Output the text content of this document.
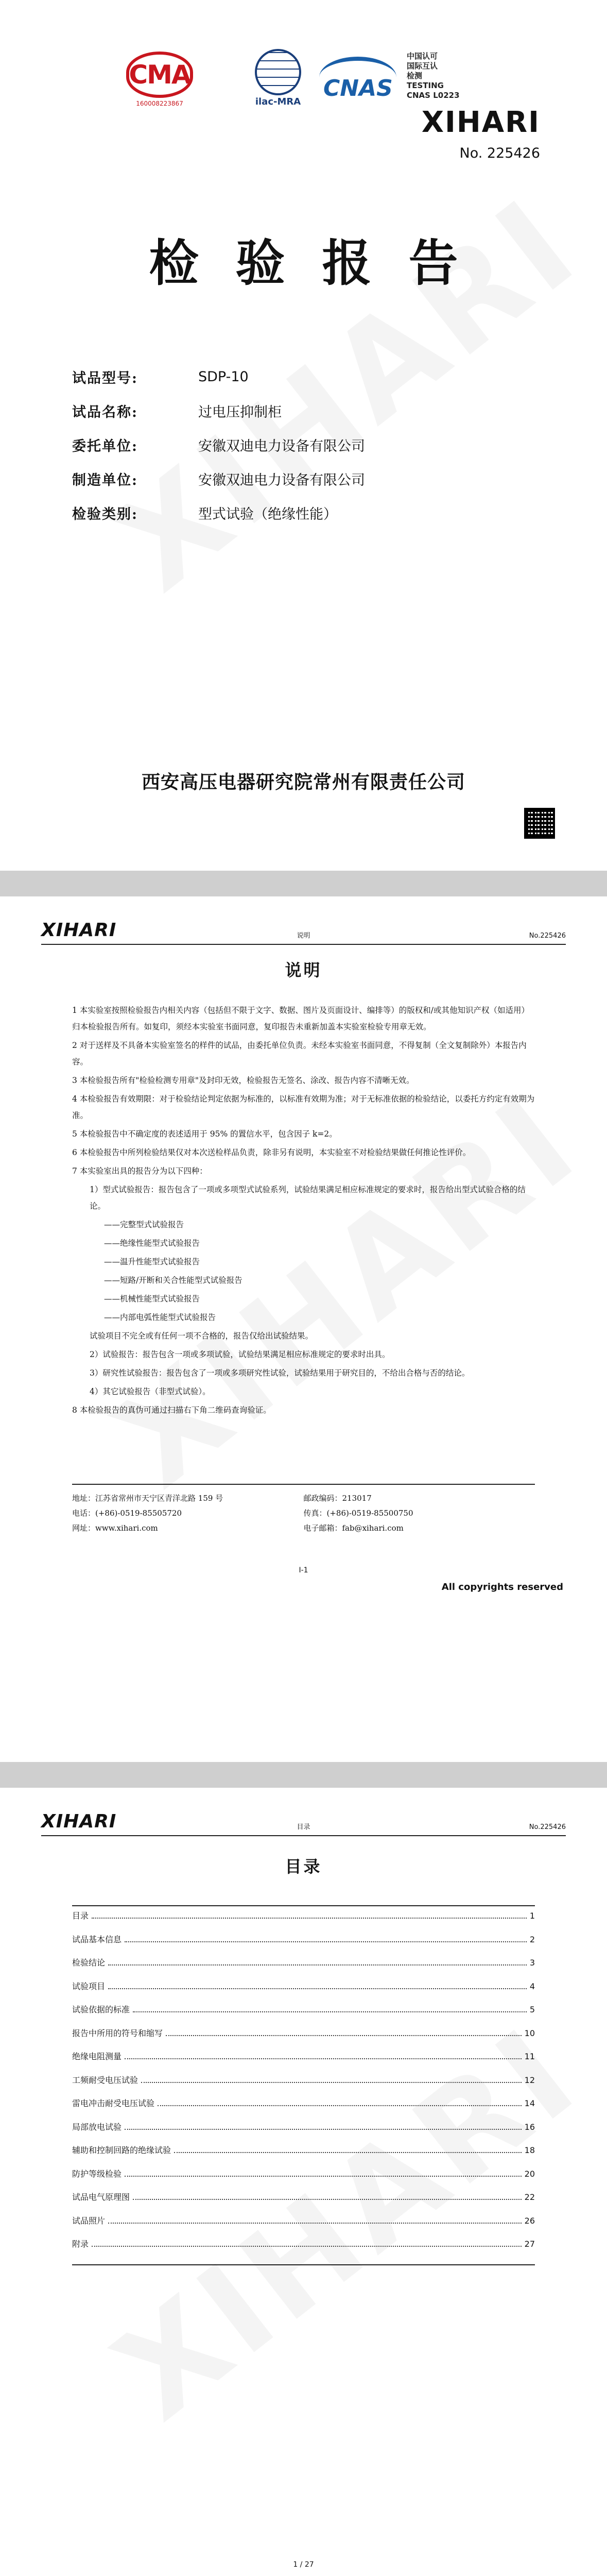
CMA
160008223867	ilac-MRA
CNAS
中国认可
国际互认
检测
TESTING
CNAS L0223
XIHARI
No. 225426
检验报告
试品型号:	SDP-10
试品名称:	过电压抑制柜
委托单位:	安徽双迪电力设备有限公司
制造单位:	安徽双迪电力设备有限公司
检验类别:	型式试验（绝缘性能）
西安高压电器研究院常州有限责任公司
XIHARI	说明	No.225426
说明

1 本实验室按照检验报告内相关内容（包括但不限于文字、数据、图片及页面设计、编排等）的版权和/或其他知识产权（如适用）归本检验报告所有。如复印，须经本实验室书面同意，复印报告未重新加盖本实验室检验专用章无效。

2 对于送样及不具备本实验室签名的样件的试品，由委托单位负责。未经本实验室书面同意，不得复制（全文复制除外）本报告内容。

3 本检验报告所有"检验检测专用章"及封印无效，检验报告无签名、涂改、报告内容不清晰无效。

4 本检验报告有效期限：对于检验结论判定依据为标准的，以标准有效期为准；对于无标准依据的检验结论，以委托方约定有效期为准。

5 本检验报告中不确定度的表述适用于 95% 的置信水平，包含因子 k=2。

6 本检验报告中所列检验结果仅对本次送检样品负责，除非另有说明，本实验室不对检验结果做任何推论性评价。

7 本实验室出具的报告分为以下四种：

1）型式试验报告：报告包含了一项或多项型式试验系列，试验结果满足相应标准规定的要求时，报告给出型式试验合格的结论。

——完整型式试验报告

——绝缘性能型式试验报告

——温升性能型式试验报告

——短路/开断和关合性能型式试验报告

——机械性能型式试验报告

——内部电弧性能型式试验报告

试验项目不完全或有任何一项不合格的，报告仅给出试验结果。

2）试验报告：报告包含一项或多项试验，试验结果满足相应标准规定的要求时出具。

3）研究性试验报告：报告包含了一项或多项研究性试验，试验结果用于研究目的，不给出合格与否的结论。

4）其它试验报告（非型式试验）。

8 本检验报告的真伪可通过扫描右下角二维码查询验证。

地址：江苏省常州市天宁区青洋北路 159 号	邮政编码：213017
电话：(+86)-0519-85505720	传真：(+86)-0519-85500750
网址：www.xihari.com	电子邮箱：fab@xihari.com
I-1
All copyrights reserved
XIHARI	目录	No.225426
目录
目录	1
试品基本信息	2
检验结论	3
试验项目	4
试验依据的标准	5
报告中所用的符号和缩写	10
绝缘电阻测量	11
工频耐受电压试验	12
雷电冲击耐受电压试验	14
局部放电试验	16
辅助和控制回路的绝缘试验	18
防护等级检验	20
试品电气原理图	22
试品照片	26
附录	27
1 / 27
